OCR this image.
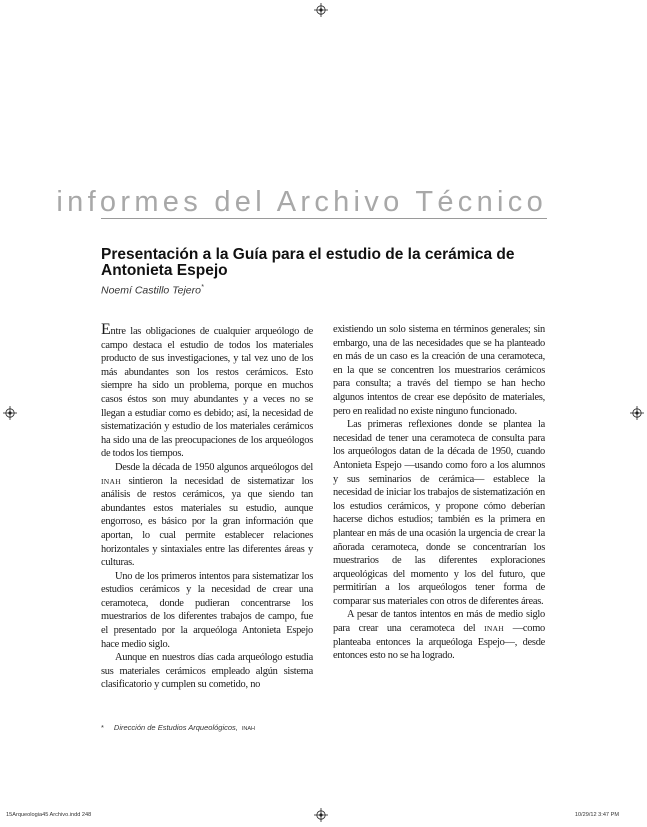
informes del Archivo Técnico
Presentación a la Guía para el estudio de la cerámica de Antonieta Espejo
Noemí Castillo Tejero*

Entre las obligaciones de cualquier arqueólogo de campo destaca el estudio de todos los materiales producto de sus investigaciones, y tal vez uno de los más abundantes son los restos cerámicos. Esto siempre ha sido un problema, porque en muchos casos éstos son muy abundantes y a veces no se llegan a estudiar como es debido; así, la necesidad de sistematización y estudio de los materiales cerámicos ha sido una de las preocupaciones de los arqueólogos de todos los tiempos.

Desde la década de 1950 algunos arqueólogos del INAH sintieron la necesidad de sistematizar los análisis de restos cerámicos, ya que siendo tan abundantes estos materiales su estudio, aunque engorroso, es básico por la gran información que aportan, lo cual permite establecer relaciones horizontales y sintaxiales entre las diferentes áreas y culturas.

Uno de los primeros intentos para sistematizar los estudios cerámicos y la necesidad de crear una ceramoteca, donde pudieran concentrarse los muestrarios de los diferentes trabajos de campo, fue el presentado por la arqueóloga Antonieta Espejo hace medio siglo.

Aunque en nuestros días cada arqueólogo estudia sus materiales cerámicos empleado algún sistema clasificatorio y cumplen su cometido, no

existiendo un solo sistema en términos generales; sin embargo, una de las necesidades que se ha planteado en más de un caso es la creación de una ceramoteca, en la que se concentren los muestrarios cerámicos para consulta; a través del tiempo se han hecho algunos intentos de crear ese depósito de materiales, pero en realidad no existe ninguno funcionado.

Las primeras reflexiones donde se plantea la necesidad de tener una ceramoteca de consulta para los arqueólogos datan de la década de 1950, cuando Antonieta Espejo —usando como foro a los alumnos y sus seminarios de cerámica— establece la necesidad de iniciar los trabajos de sistematización en los estudios cerámicos, y propone cómo deberían hacerse dichos estudios; también es la primera en plantear en más de una ocasión la urgencia de crear la añorada ceramoteca, donde se concentrarían los muestrarios de las diferentes exploraciones arqueológicas del momento y los del futuro, que permitirían a los arqueólogos tener forma de comparar sus materiales con otros de diferentes áreas.

A pesar de tantos intentos en más de medio siglo para crear una ceramoteca del INAH —como planteaba entonces la arqueóloga Espejo—, desde entonces esto no se ha logrado.

* Dirección de Estudios Arqueológicos, INAH
15Arqueologia45 Archivo.indd 248	10/29/12 3:47 PM
